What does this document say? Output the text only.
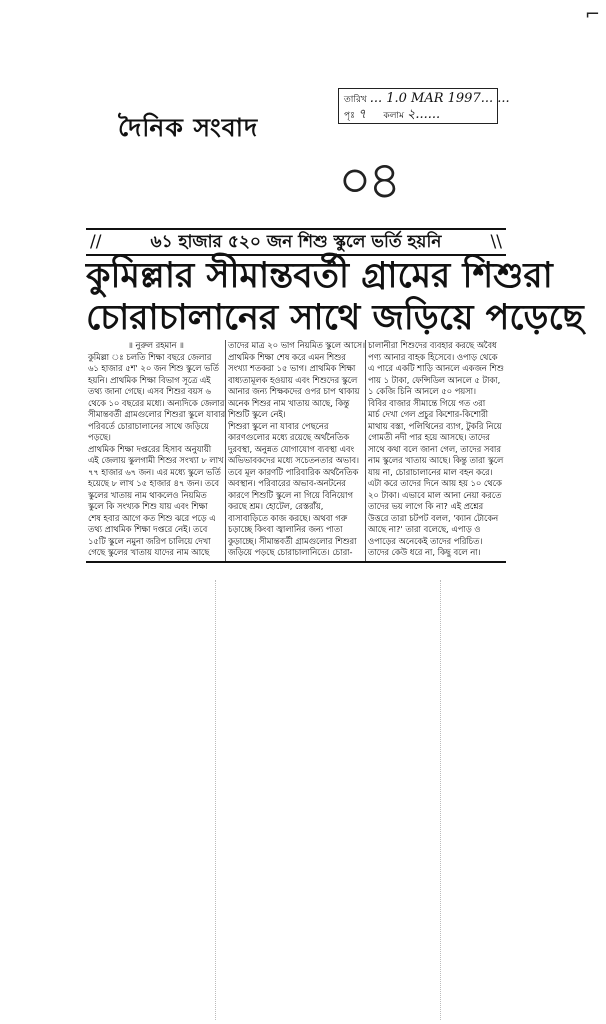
⌐
দৈনিক সংবাদ
তারিখ ... 1.0 MAR 1997... ...
পৃঃ ৭ কলাম ২......
০৪
// ৬১ হাজার ৫২০ জন শিশু স্কুলে ভর্তি হয়নি \\
কুমিল্লার সীমান্তবর্তী গ্রামের শিশুরা
চোরাচালানের সাথে জড়িয়ে পড়েছে
॥ নুরুল রহমান ॥
কুমিল্লা ঃ চলতি শিক্ষা বছরে জেলার
৬১ হাজার ৫শ' ২০ জন শিশু স্কুলে ভর্তি
হয়নি। প্রাথমিক শিক্ষা বিভাগ সূত্রে এই
তথ্য জানা গেছে। এসব শিশুর বয়স ৬
থেকে ১০ বছরের মধ্যে। অন্যদিকে জেলার
সীমান্তবর্তী গ্রামগুলোর শিশুরা স্কুলে যাবার
পরিবর্তে চোরাচালানের সাথে জড়িয়ে
পড়ছে।
প্রাথমিক শিক্ষা দপ্তরের হিসাব অনুযায়ী
এই জেলায় স্কুলগামী শিশুর সংখ্যা ৮ লাখ
৭৭ হাজার ৬৭ জন। এর মধ্যে স্কুলে ভর্তি
হয়েছে ৮ লাখ ১৫ হাজার ৪৭ জন। তবে
স্কুলের খাতায় নাম থাকলেও নিয়মিত
স্কুলে কি সংখ্যক শিশু যায় এবং শিক্ষা
শেষ হবার আগে কত শিশু ঝরে পড়ে এ
তথ্য প্রাথমিক শিক্ষা দপ্তরে নেই। তবে
১৫টি স্কুলে নমুনা জরিপ চালিয়ে দেখা
গেছে স্কুলের খাতায় যাদের নাম আছে
তাদের মাত্র ২০ ভাগ নিয়মিত স্কুলে আসে।
প্রাথমিক শিক্ষা শেষ করে এমন শিশুর
সংখ্যা শতকরা ১৫ ভাগ। প্রাথমিক শিক্ষা
বাধ্যতামূলক হওয়ায় এবং শিশুদের স্কুলে
আনার জন্য শিক্ষকদের ওপর চাপ থাকায়
অনেক শিশুর নাম খাতায় আছে, কিন্তু
শিশুটি স্কুলে নেই।
শিশুরা স্কুলে না যাবার পেছনের
কারণগুলোর মধ্যে রয়েছে অর্থনৈতিক
দুরবস্থা, অনুন্নত যোগাযোগ ব্যবস্থা এবং
অভিভাবকদের মধ্যে সচেতনতার অভাব।
তবে মূল কারণটি পারিবারিক অর্থনৈতিক
অবস্থান। পরিবারের অভাব-অনটনের
কারণে শিশুটি স্কুলে না গিয়ে বিনিয়োগ
করছে শ্রম। হোটেল, রেস্তরাঁয়,
বাসাবাড়িতে কাজ করছে। অথবা গরু
চড়াচ্ছে কিংবা জ্বালানির জন্য পাতা
কুড়াচ্ছে। সীমান্তবর্তী গ্রামগুলোর শিশুরা
জড়িয়ে পড়ছে চোরাচালানিতে। চোরা-
চালানীরা শিশুদের ব্যবহার করছে অবৈধ
পণ্য আনার বাহক হিসেবে। ওপাড় থেকে
এ পারে একটি শাড়ি আনলে একজন শিশু
পায় ১ টাকা, ফেন্সিডিল আনলে ৫ টাকা,
১ কেজি চিনি আনলে ৫০ পয়সা।
বিবির বাজার সীমান্তে গিয়ে গত ৩রা
মার্চ দেখা গেল প্রচুর কিশোর-কিশোরী
মাথায় বস্তা, পলিথিনের ব্যাগ, টুকরি নিয়ে
গোমতী নদী পার হয়ে আসছে। তাদের
সাথে কথা বলে জানা গেল, তাদের সবার
নাম স্কুলের খাতায় আছে। কিন্তু তারা স্কুলে
যায় না, চোরাচালানের মাল বহন করে।
এটা করে তাদের দিনে আয় হয় ১০ থেকে
২০ টাকা। এভাবে মাল আনা নেয়া করতে
তাদের ভয় লাগে কি না? এই প্রশ্নের
উত্তরে তারা চটপট বলল, 'ক্যান টোকেন
আছে না?' তারা বলেছে, এপাড় ও
ওপাড়ের অনেকেই তাদের পরিচিত।
তাদের কেউ ধরে না, কিছু বলে না।
